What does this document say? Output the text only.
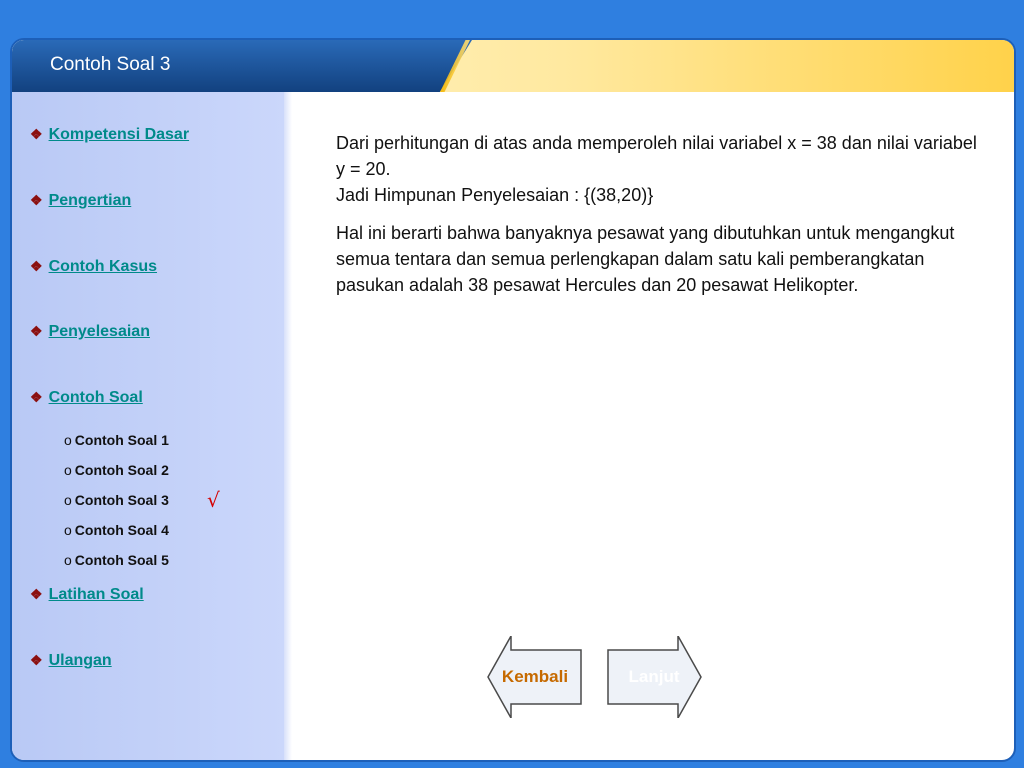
Contoh Soal 3
❖ Kompetensi Dasar
❖ Pengertian
❖ Contoh Kasus
❖ Penyelesaian
❖ Contoh Soal
o Contoh Soal 1
o Contoh Soal 2
o Contoh Soal 3
o Contoh Soal 4
o Contoh Soal 5
❖ Latihan Soal
❖ Ulangan
√

Dari perhitungan di atas anda memperoleh nilai variabel x = 38 dan nilai variabel y = 20.
Jadi Himpunan Penyelesaian : {(38,20)}

Hal ini berarti bahwa banyaknya pesawat yang dibutuhkan untuk mengangkut semua tentara dan semua perlengkapan dalam satu kali pemberangkatan pasukan adalah 38 pesawat Hercules dan 20 pesawat Helikopter.

Kembali	Lanjut
